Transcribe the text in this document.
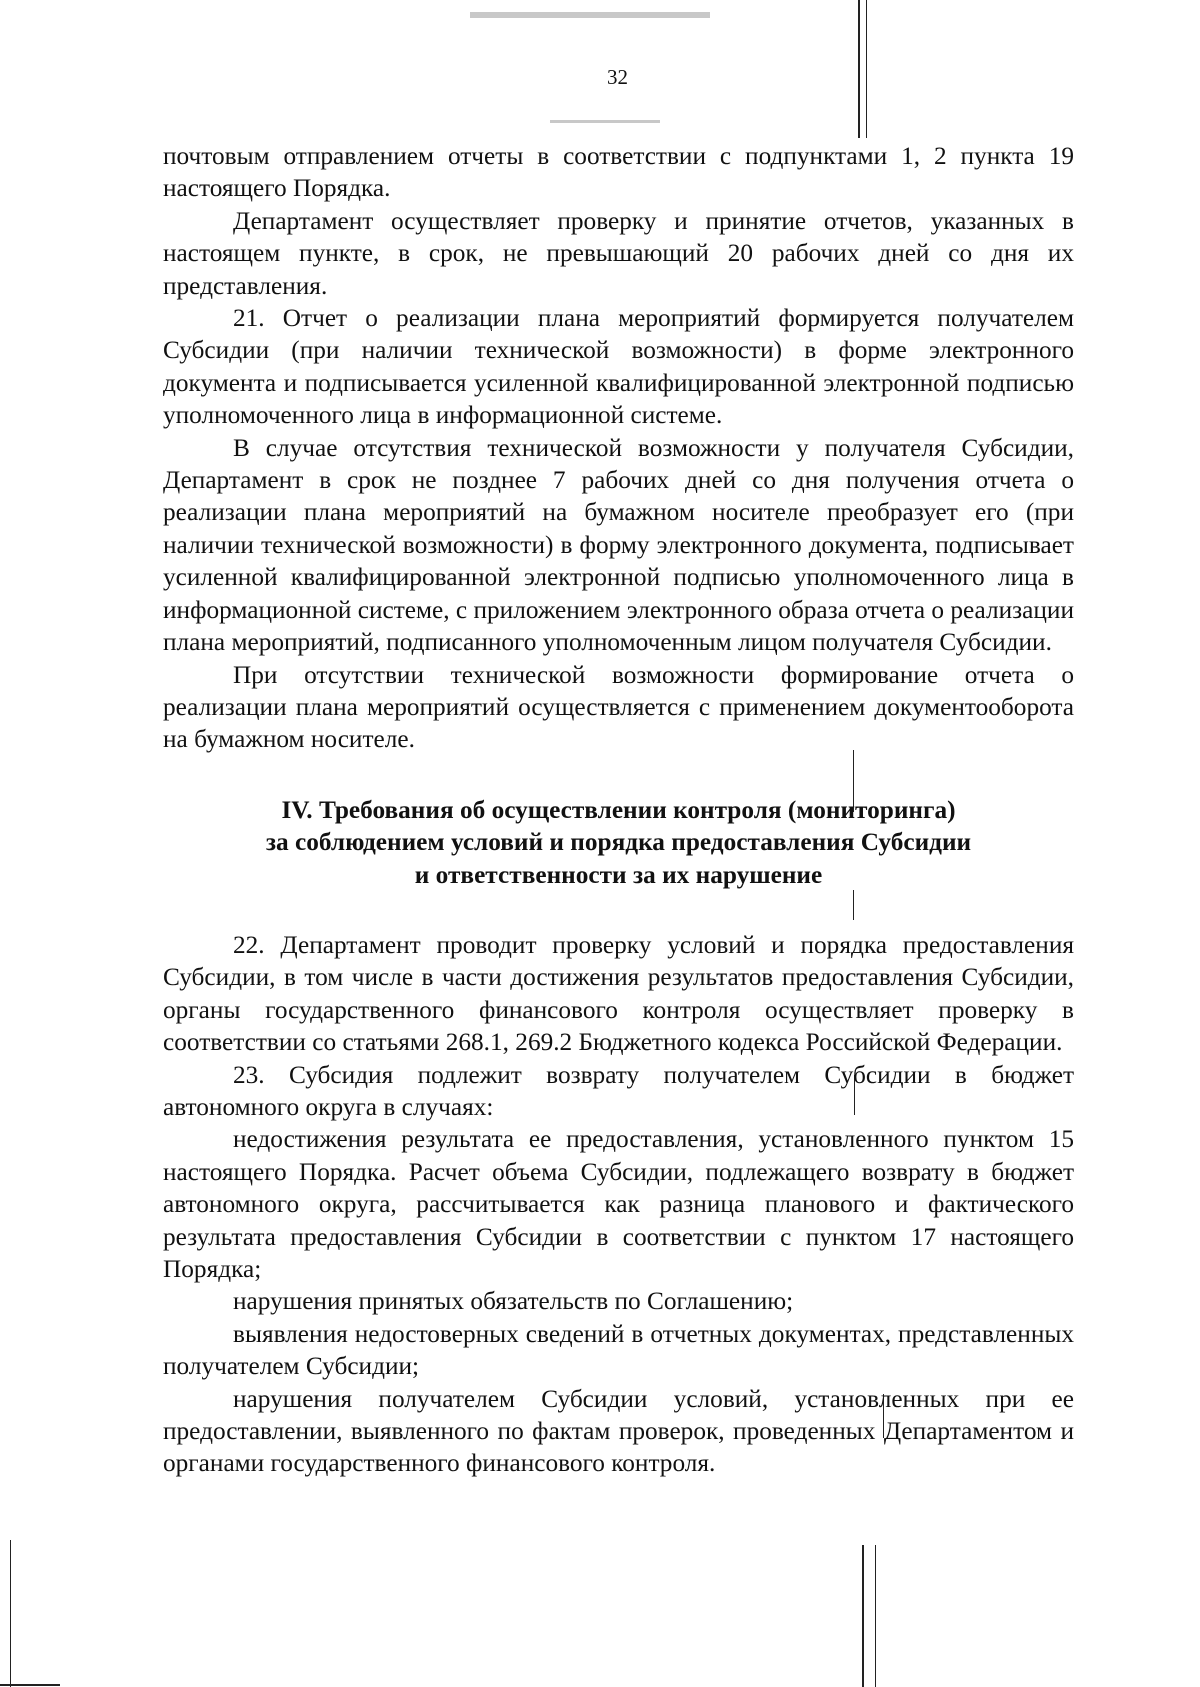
32

почтовым отправлением отчеты в соответствии с подпунктами 1, 2 пункта 19 настоящего Порядка.

Департамент осуществляет проверку и принятие отчетов, указанных в настоящем пункте, в срок, не превышающий 20 рабочих дней со дня их представления.

21. Отчет о реализации плана мероприятий формируется получателем Субсидии (при наличии технической возможности) в форме электронного документа и подписывается усиленной квалифицированной электронной подписью уполномоченного лица в информационной системе.

В случае отсутствия технической возможности у получателя Субсидии, Департамент в срок не позднее 7 рабочих дней со дня получения отчета о реализации плана мероприятий на бумажном носителе преобразует его (при наличии технической возможности) в форму электронного документа, подписывает усиленной квалифицированной электронной подписью уполномоченного лица в информационной системе, с приложением электронного образа отчета о реализации плана мероприятий, подписанного уполномоченным лицом получателя Субсидии.

При отсутствии технической возможности формирование отчета о реализации плана мероприятий осуществляется с применением документооборота на бумажном носителе.

IV. Требования об осуществлении контроля (мониторинга)
за соблюдением условий и порядка предоставления Субсидии
и ответственности за их нарушение

22. Департамент проводит проверку условий и порядка предоставления Субсидии, в том числе в части достижения результатов предоставления Субсидии, органы государственного финансового контроля осуществляет проверку в соответствии со статьями 268.1, 269.2 Бюджетного кодекса Российской Федерации.

23. Субсидия подлежит возврату получателем Субсидии в бюджет автономного округа в случаях:

недостижения результата ее предоставления, установленного пунктом 15 настоящего Порядка. Расчет объема Субсидии, подлежащего возврату в бюджет автономного округа, рассчитывается как разница планового и фактического результата предоставления Субсидии в соответствии с пунктом 17 настоящего Порядка;

нарушения принятых обязательств по Соглашению;

выявления недостоверных сведений в отчетных документах, представленных получателем Субсидии;

нарушения получателем Субсидии условий, установленных при ее предоставлении, выявленного по фактам проверок, проведенных Департаментом и органами государственного финансового контроля.
